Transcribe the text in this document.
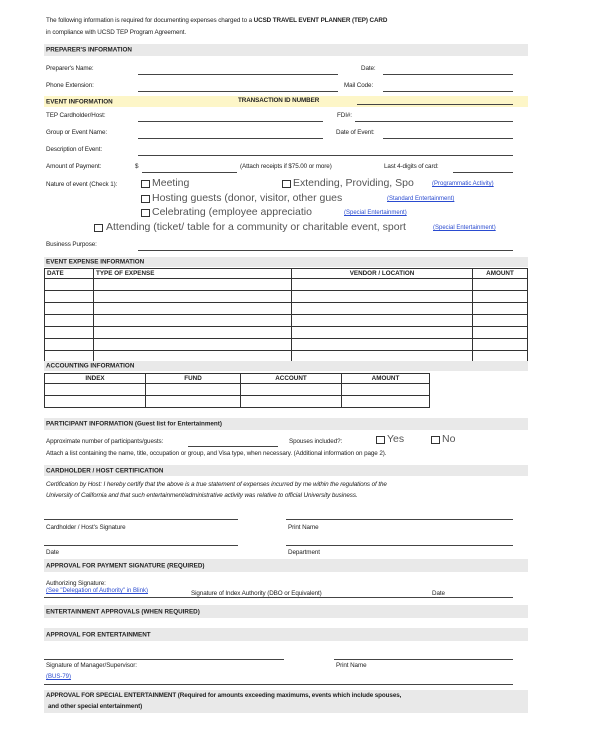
The following information is required for documenting expenses charged to a UCSD TRAVEL EVENT PLANNER (TEP) CARD
in compliance with UCSD TEP Program Agreement.
PREPARER'S INFORMATION
Preparer's Name:	Date:
Phone Extension:	Mail Code:
EVENT INFORMATION	TRANSACTION ID NUMBER
TEP Cardholder/Host:	FDI#:
Group or Event Name:	Date of Event:
Description of Event:
Amount of Payment:	$	(Attach receipts if $75.00 or more)	Last 4-digits of card:
Nature of event (Check 1):	Meeting	Extending, Providing, Spo	(Programmatic Activity)
Hosting guests (donor, visitor, other gues	(Standard Entertainment)
Celebrating (employee appreciatio	(Special Entertainment)
Attending (ticket/ table for a community or charitable event, sport	(Special Entertainment)
Business Purpose:
EVENT EXPENSE INFORMATION
DATE	TYPE OF EXPENSE	VENDOR / LOCATION	AMOUNT

ACCOUNTING INFORMATION
INDEX	FUND	ACCOUNT	AMOUNT

PARTICIPANT INFORMATION (Guest list for Entertainment)
Approximate number of participants/guests:	Spouses included?:	Yes	No
Attach a list containing the name, title, occupation or group, and Visa type, when necessary. (Additional information on page 2).
CARDHOLDER / HOST CERTIFICATION
Certification by Host: I hereby certify that the above is a true statement of expenses incurred by me within the regulations of the
University of California and that such entertainment/administrative activity was relative to official University business.
Cardholder / Host's Signature	Print Name
Date	Department
APPROVAL FOR PAYMENT SIGNATURE (REQUIRED)
Authorizing Signature:
(See "Delegation of Authority" in Blink)	Signature of Index Authority (DBO or Equivalent)	Date
ENTERTAINMENT APPROVALS (WHEN REQUIRED)
APPROVAL FOR ENTERTAINMENT
Signature of Manager/Supervisor:	Print Name
(BUS-79)
APPROVAL FOR SPECIAL ENTERTAINMENT (Required for amounts exceeding maximums, events which include spouses,
and other special entertainment)
